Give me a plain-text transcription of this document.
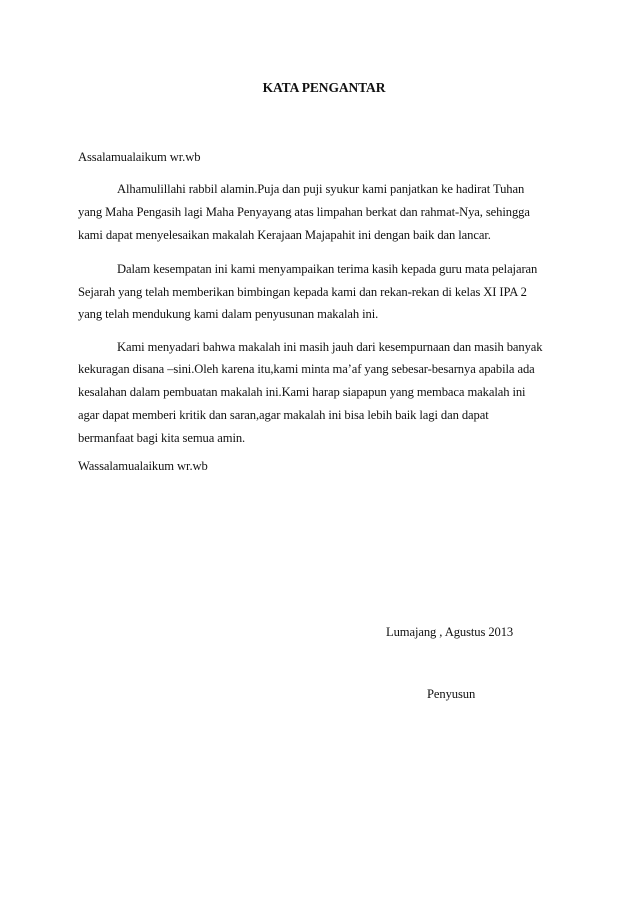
KATA PENGANTAR
Assalamualaikum wr.wb
Alhamulillahi rabbil alamin.Puja dan puji syukur kami panjatkan ke hadirat Tuhan
yang Maha Pengasih lagi Maha Penyayang atas limpahan berkat dan rahmat-Nya, sehingga
kami dapat menyelesaikan makalah Kerajaan Majapahit ini dengan baik dan lancar.
Dalam kesempatan ini kami menyampaikan terima kasih kepada guru mata pelajaran
Sejarah yang telah memberikan bimbingan kepada kami dan rekan-rekan di kelas XI IPA 2
yang telah mendukung kami dalam penyusunan makalah ini.
Kami menyadari bahwa makalah ini masih jauh dari kesempurnaan dan masih banyak
kekuragan disana –sini.Oleh karena itu,kami minta ma’af yang sebesar-besarnya apabila ada
kesalahan dalam pembuatan makalah ini.Kami harap siapapun yang membaca makalah ini
agar dapat memberi kritik dan saran,agar makalah ini bisa lebih baik lagi dan dapat
bermanfaat bagi kita semua amin.
Wassalamualaikum wr.wb
Lumajang , Agustus 2013
Penyusun
